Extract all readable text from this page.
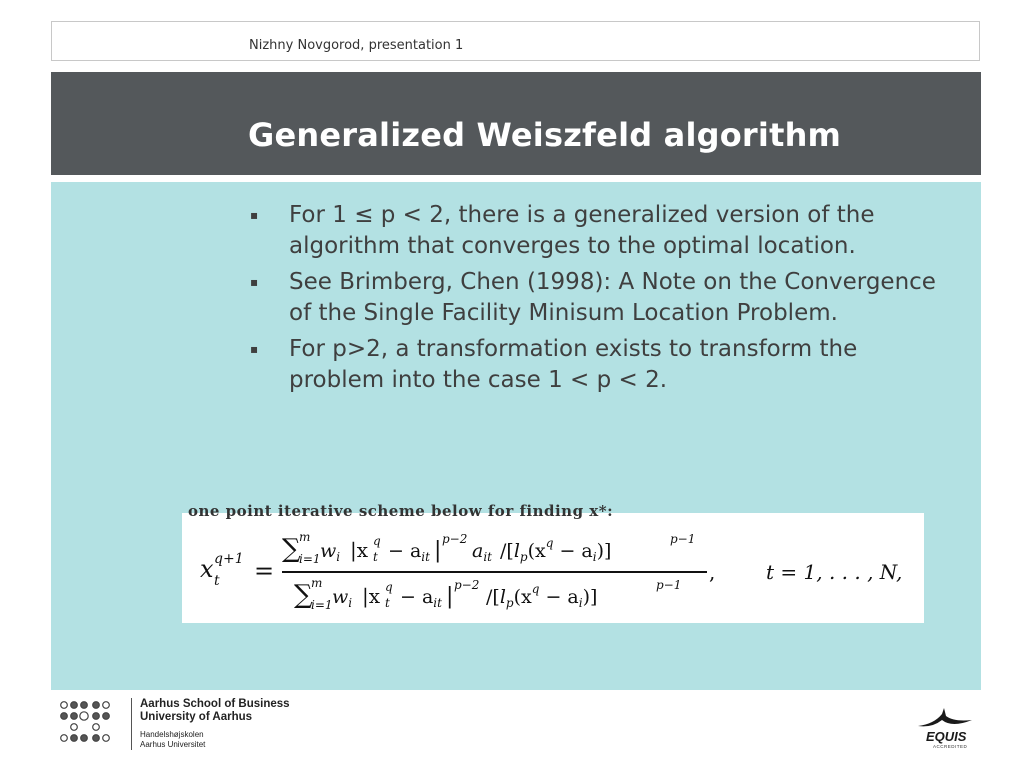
Nizhny Novgorod, presentation 1
Generalized Weiszfeld algorithm
▪ For 1 ≤ p < 2, there is a generalized version of the algorithm that converges to the optimal location.
▪ See Brimberg, Chen (1998): A Note on the Convergence of the Single Facility Minisum Location Problem.
▪ For p>2, a transformation exists to transform the problem into the case 1 < p < 2.
one point iterative scheme below for finding x*:
x t
q+1 =
∑
m
i=1 $w_i$ |x t
$q - a_{it}$ | p−2
$a_{it}$ $/[l_p(x^q - a_i)]$
p−1
∑
m
i=1 $w_i$ |x t
$q - a_{it}$ | p−2
$/[l_p(x^q - a_i)]$
p−1
,	t = 1, . . . , N,
Aarhus School of Business
University of Aarhus
Handelshøjskolen
Aarhus Universitet
EQUIS
ACCREDITED
